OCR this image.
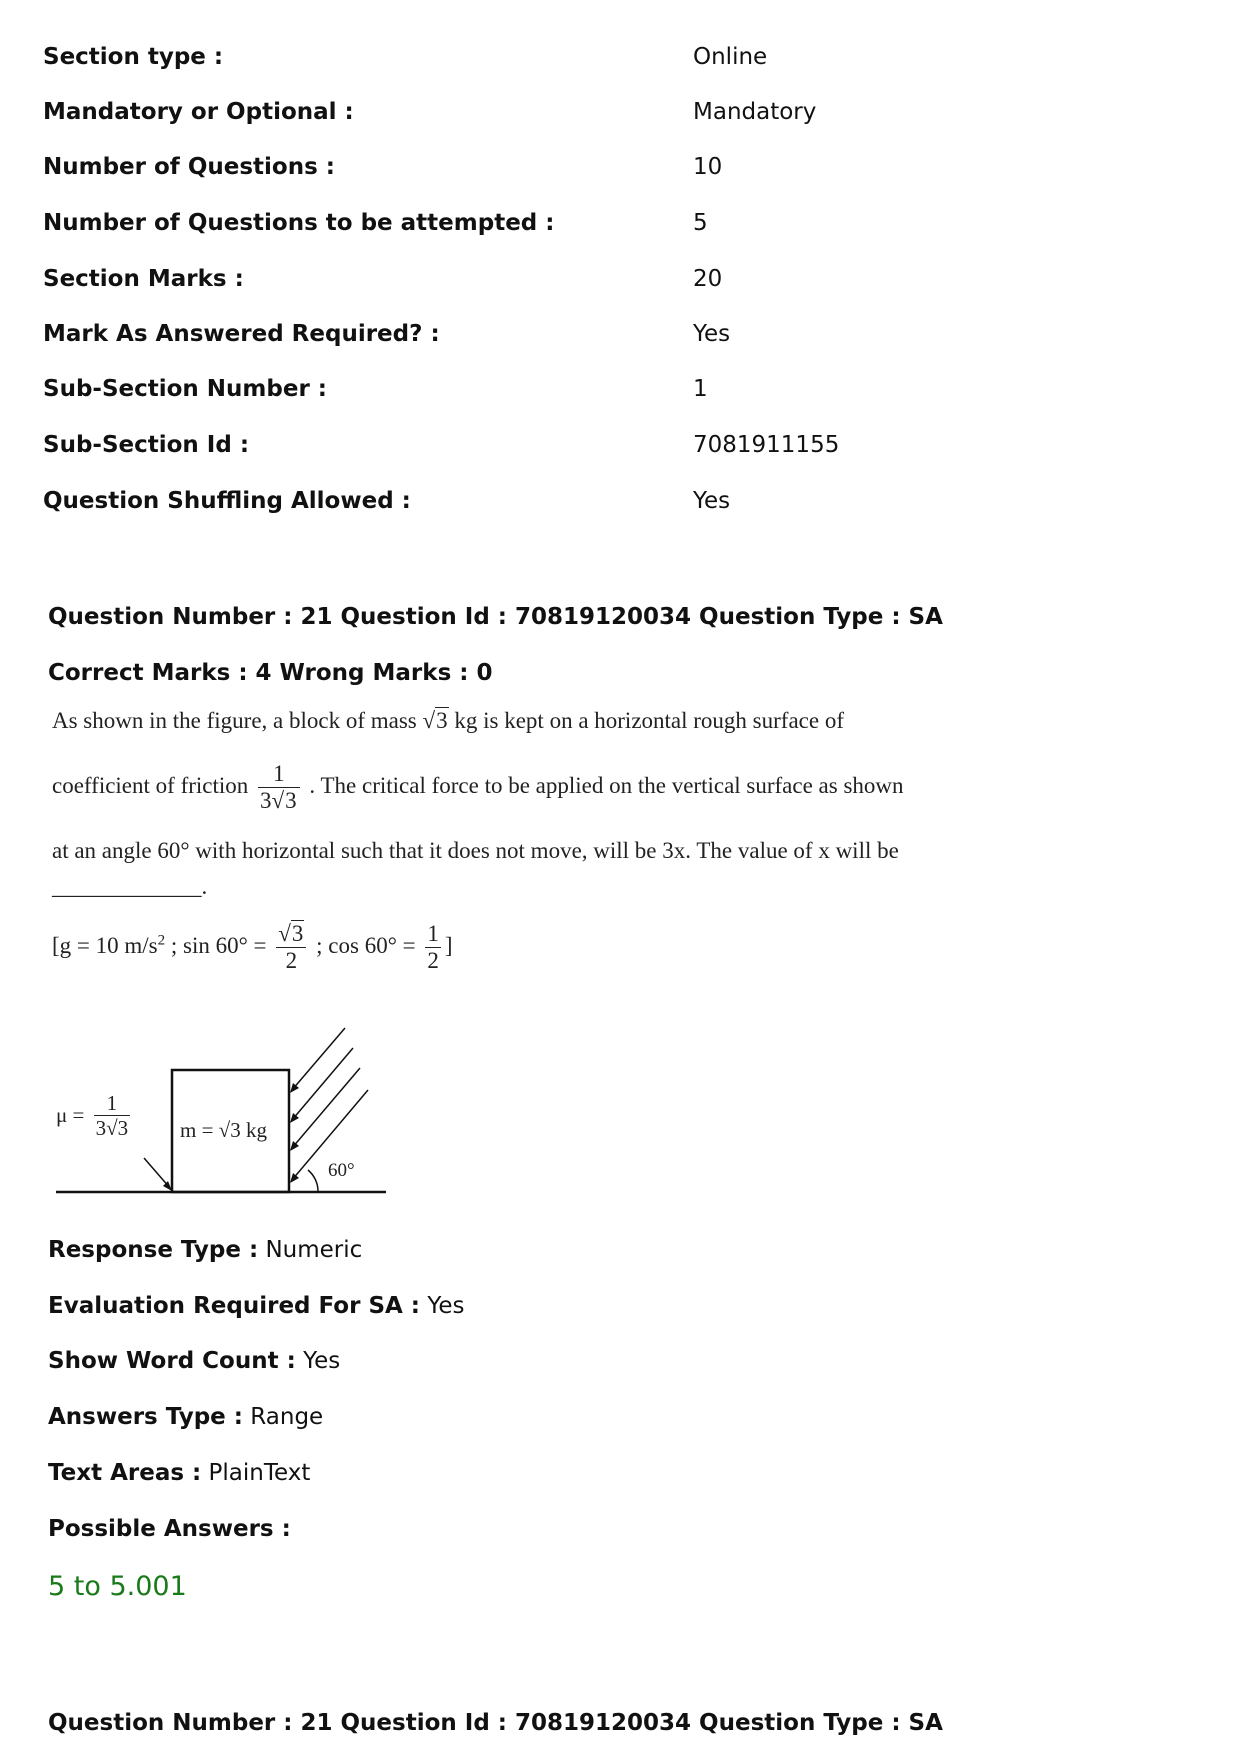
Section type :	Online
Mandatory or Optional :	Mandatory
Number of Questions :	10
Number of Questions to be attempted :	5
Section Marks :	20
Mark As Answered Required? :	Yes
Sub-Section Number :	1
Sub-Section Id :	7081911155
Question Shuffling Allowed :	Yes
Question Number : 21 Question Id : 70819120034 Question Type : SA
Correct Marks : 4 Wrong Marks : 0
As shown in the figure, a block of mass √3 kg is kept on a horizontal rough surface of
coefficient of friction $\frac{1}{3√3}$ . The critical force to be applied on the vertical surface as shown
at an angle 60° with horizontal such that it does not move, will be 3x. The value of x will be
_____________.
[g = 10 $m/s^2$ ; $\sin 60^\circ = \frac{√3}{2}$ ; $\cos 60^\circ = \frac{1}{2}$ ]
$\mu = \frac{1}{3√3}$ m = √3 kg
60°
Response Type : Numeric
Evaluation Required For SA : Yes
Show Word Count : Yes
Answers Type : Range
Text Areas : PlainText
Possible Answers :
5 to 5.001
Question Number : 21 Question Id : 70819120034 Question Type : SA
